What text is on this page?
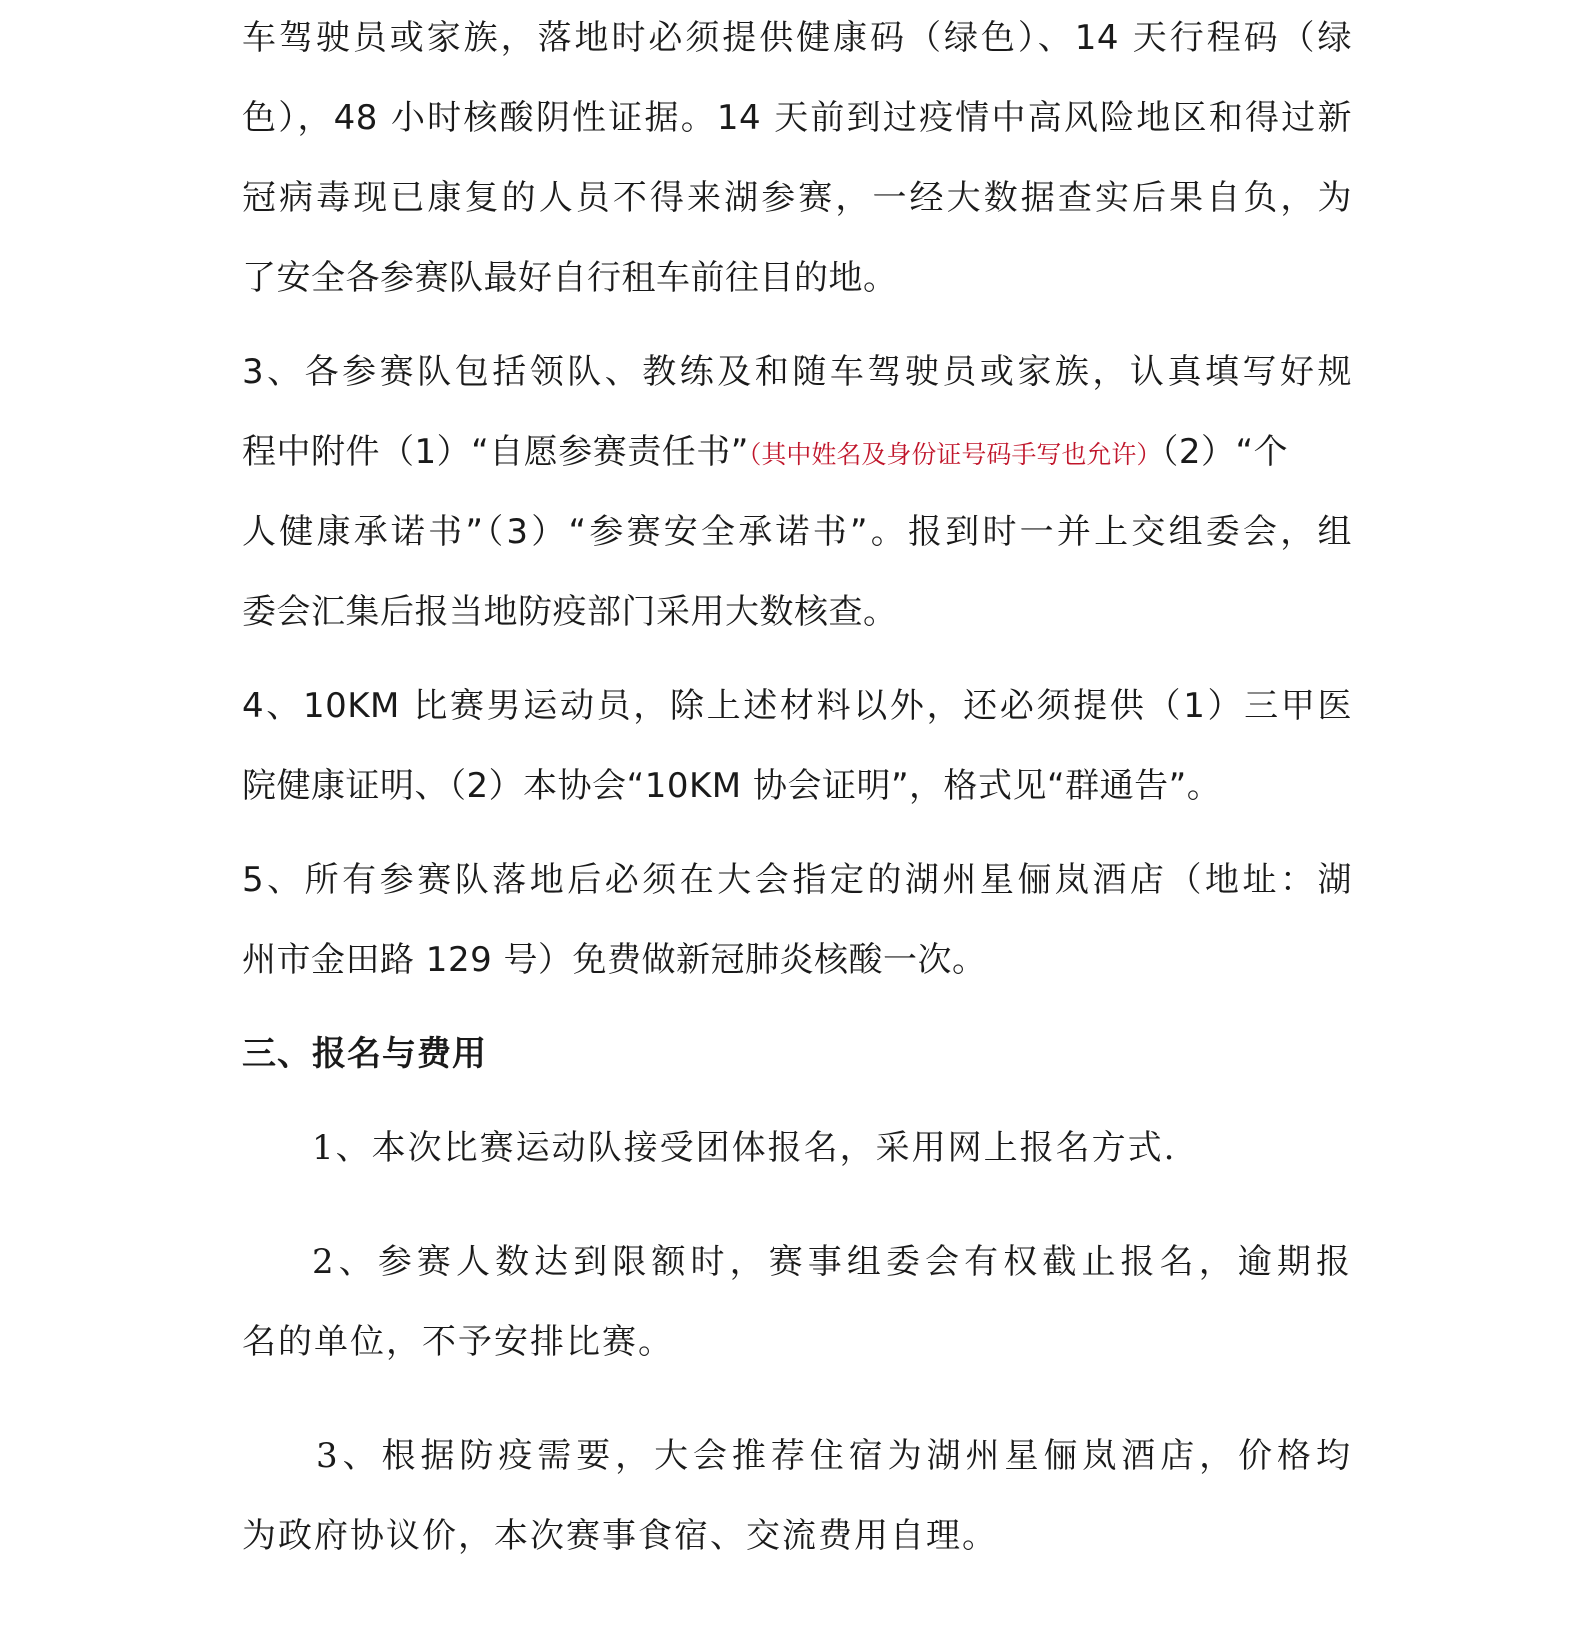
车驾驶员或家族，落地时必须提供健康码（绿色）、14 天行程码（绿
色），48 小时核酸阴性证据。14 天前到过疫情中高风险地区和得过新
冠病毒现已康复的人员不得来湖参赛，一经大数据查实后果自负，为
了安全各参赛队最好自行租车前往目的地。
3、各参赛队包括领队、教练及和随车驾驶员或家族，认真填写好规
程中附件（1）“自愿参赛责任书”（其中姓名及身份证号码手写也允许）（2）“个
人健康承诺书”（3）“参赛安全承诺书”。报到时一并上交组委会，组
委会汇集后报当地防疫部门采用大数核查。
4、10KM 比赛男运动员，除上述材料以外，还必须提供（1）三甲医
院健康证明、（2）本协会“10KM 协会证明”，格式见“群通告”。
5、所有参赛队落地后必须在大会指定的湖州星俪岚酒店（地址：湖
州市金田路 129 号）免费做新冠肺炎核酸一次。
三、报名与费用
1、本次比赛运动队接受团体报名，采用网上报名方式.
2、参赛人数达到限额时，赛事组委会有权截止报名，逾期报
名的单位，不予安排比赛。
3、根据防疫需要，大会推荐住宿为湖州星俪岚酒店，价格均
为政府协议价，本次赛事食宿、交流费用自理。
